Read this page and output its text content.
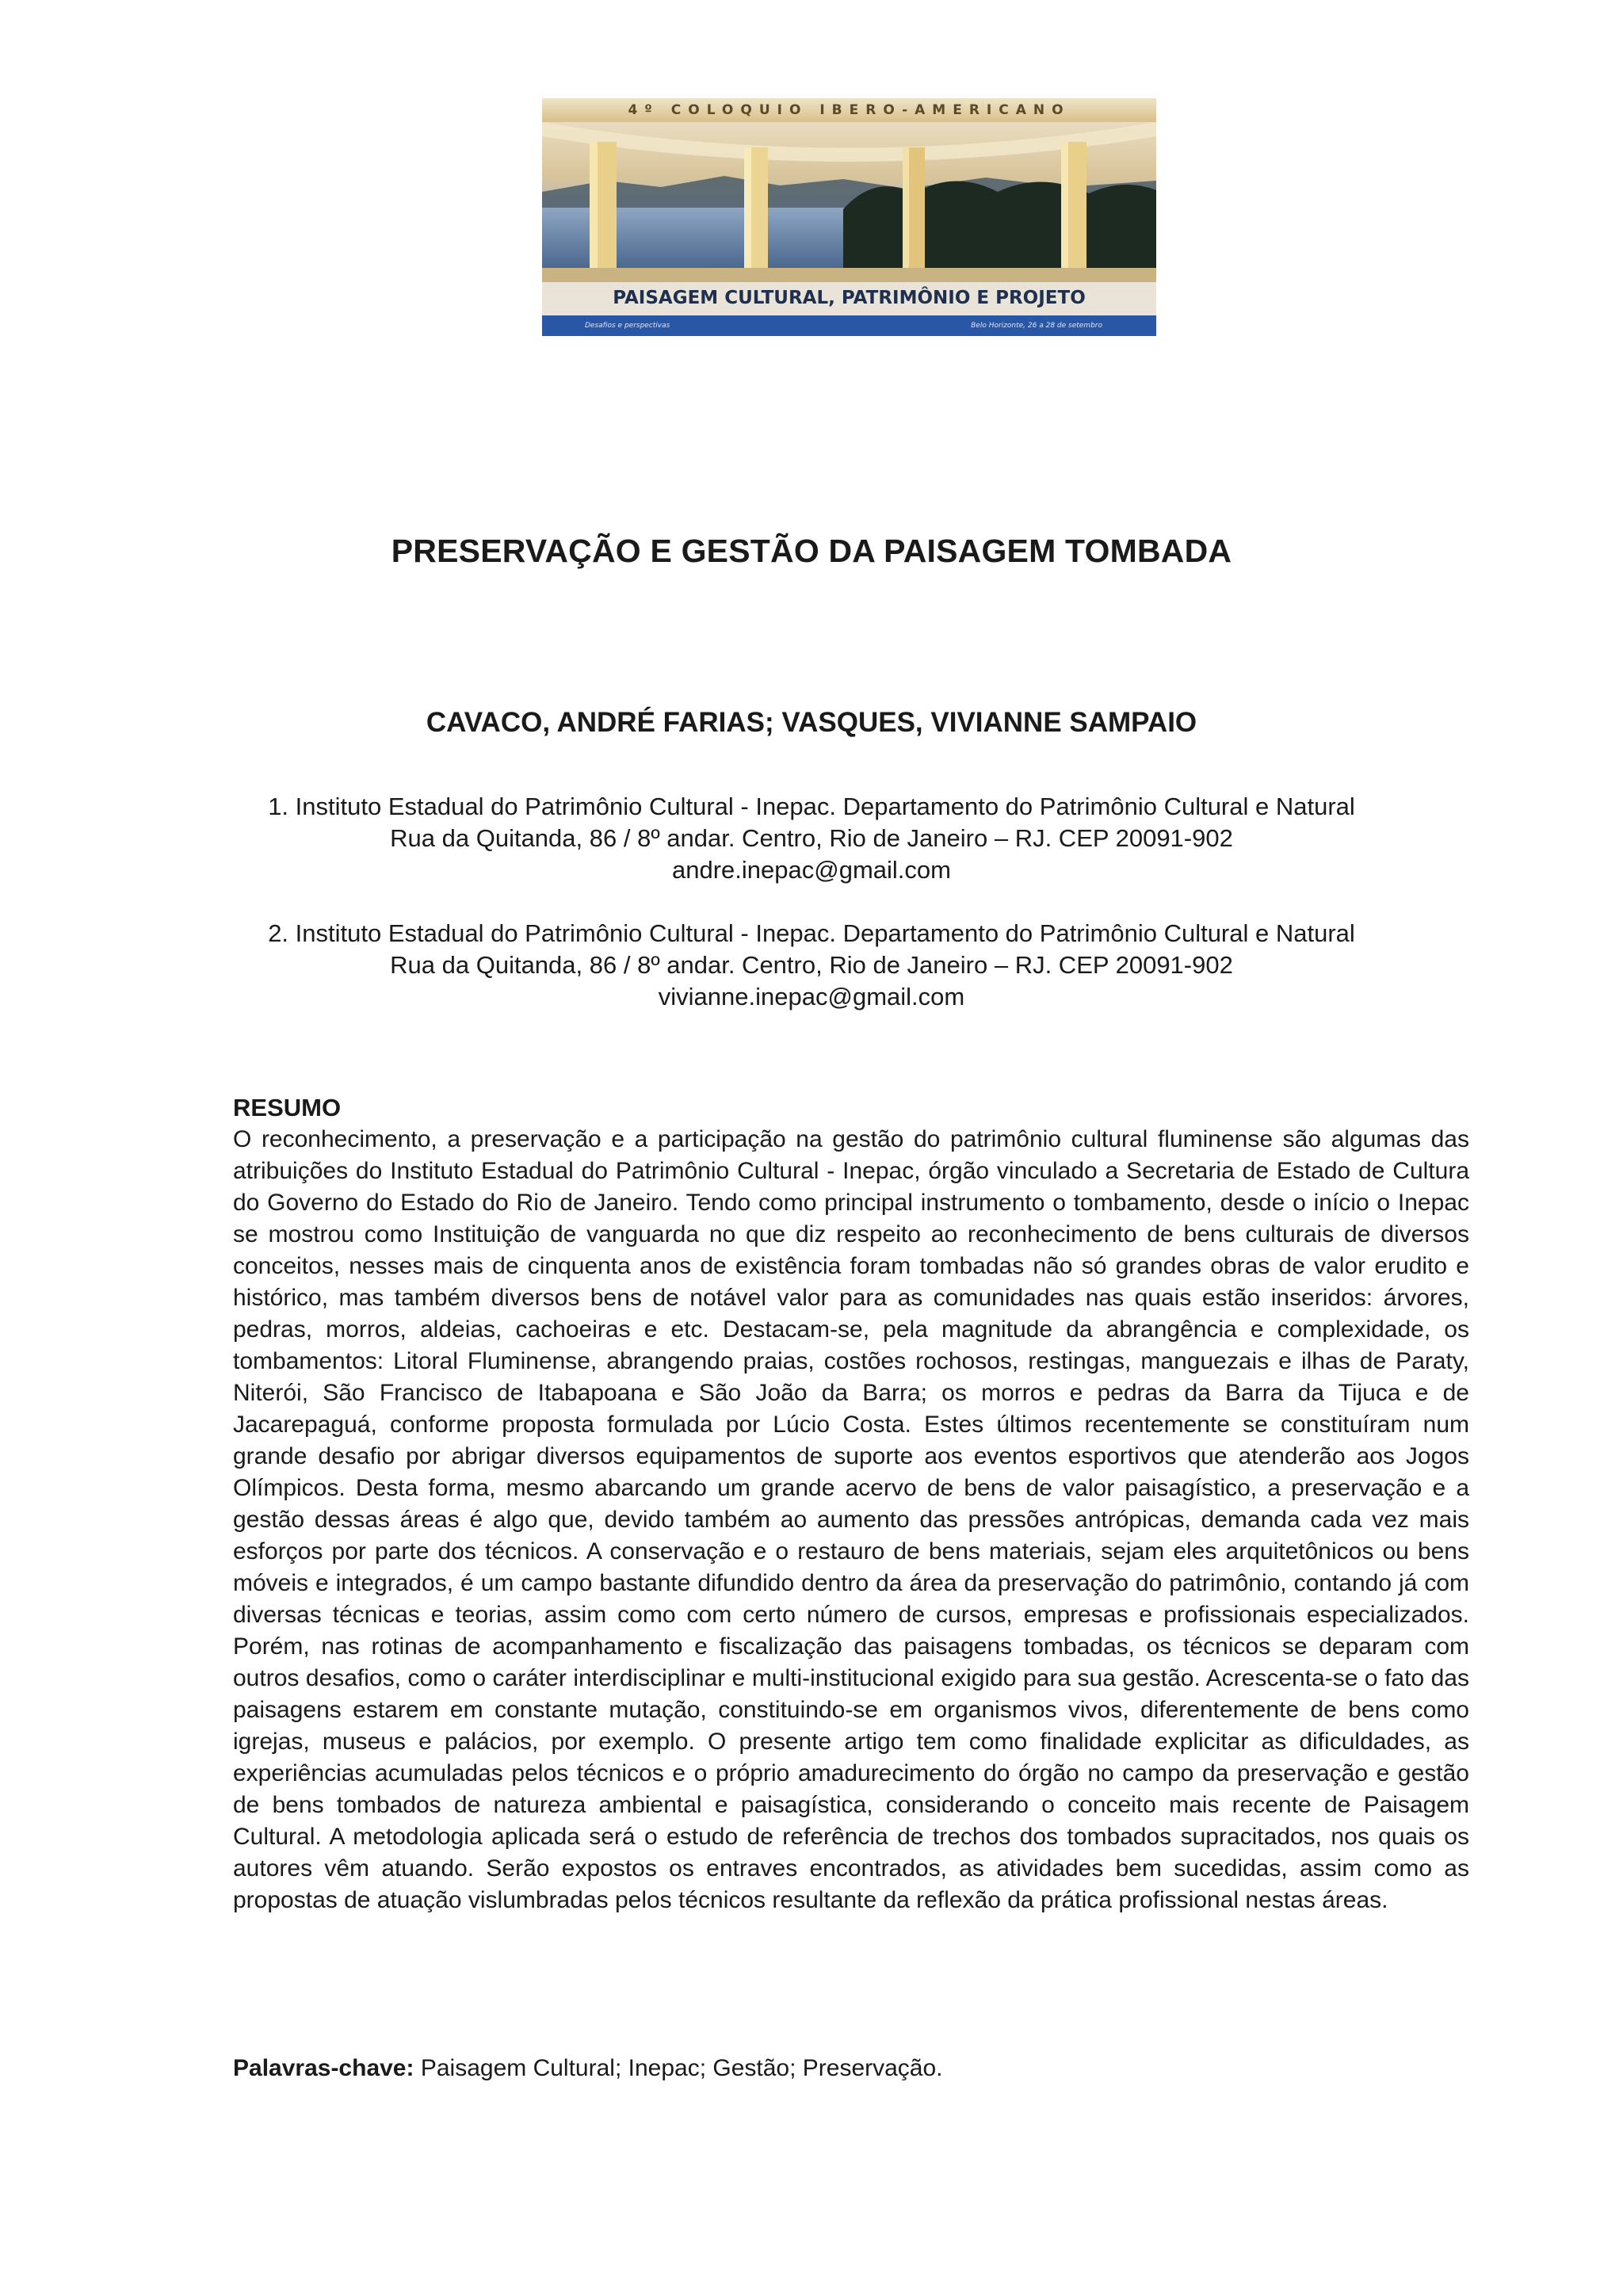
4º COLOQUIO IBERO-AMERICANO
PAISAGEM CULTURAL, PATRIMÔNIO E PROJETO
Desafios e perspectivas	Belo Horizonte, 26 a 28 de setembro
PRESERVAÇÃO E GESTÃO DA PAISAGEM TOMBADA
CAVACO, ANDRÉ FARIAS; VASQUES, VIVIANNE SAMPAIO
1. Instituto Estadual do Patrimônio Cultural - Inepac. Departamento do Patrimônio Cultural e Natural
Rua da Quitanda, 86 / 8º andar. Centro, Rio de Janeiro – RJ. CEP 20091-902
andre.inepac@gmail.com
2. Instituto Estadual do Patrimônio Cultural - Inepac. Departamento do Patrimônio Cultural e Natural
Rua da Quitanda, 86 / 8º andar. Centro, Rio de Janeiro – RJ. CEP 20091-902
vivianne.inepac@gmail.com
RESUMO
O reconhecimento, a preservação e a participação na gestão do patrimônio cultural fluminense são algumas das atribuições do Instituto Estadual do Patrimônio Cultural - Inepac, órgão vinculado a Secretaria de Estado de Cultura do Governo do Estado do Rio de Janeiro. Tendo como principal instrumento o tombamento, desde o início o Inepac se mostrou como Instituição de vanguarda no que diz respeito ao reconhecimento de bens culturais de diversos conceitos, nesses mais de cinquenta anos de existência foram tombadas não só grandes obras de valor erudito e histórico, mas também diversos bens de notável valor para as comunidades nas quais estão inseridos: árvores, pedras, morros, aldeias, cachoeiras e etc. Destacam-se, pela magnitude da abrangência e complexidade, os tombamentos: Litoral Fluminense, abrangendo praias, costões rochosos, restingas, manguezais e ilhas de Paraty, Niterói, São Francisco de Itabapoana e São João da Barra; os morros e pedras da Barra da Tijuca e de Jacarepaguá, conforme proposta formulada por Lúcio Costa. Estes últimos recentemente se constituíram num grande desafio por abrigar diversos equipamentos de suporte aos eventos esportivos que atenderão aos Jogos Olímpicos. Desta forma, mesmo abarcando um grande acervo de bens de valor paisagístico, a preservação e a gestão dessas áreas é algo que, devido também ao aumento das pressões antrópicas, demanda cada vez mais esforços por parte dos técnicos. A conservação e o restauro de bens materiais, sejam eles arquitetônicos ou bens móveis e integrados, é um campo bastante difundido dentro da área da preservação do patrimônio, contando já com diversas técnicas e teorias, assim como com certo número de cursos, empresas e profissionais especializados. Porém, nas rotinas de acompanhamento e fiscalização das paisagens tombadas, os técnicos se deparam com outros desafios, como o caráter interdisciplinar e multi-institucional exigido para sua gestão. Acrescenta-se o fato das paisagens estarem em constante mutação, constituindo-se em organismos vivos, diferentemente de bens como igrejas, museus e palácios, por exemplo. O presente artigo tem como finalidade explicitar as dificuldades, as experiências acumuladas pelos técnicos e o próprio amadurecimento do órgão no campo da preservação e gestão de bens tombados de natureza ambiental e paisagística, considerando o conceito mais recente de Paisagem Cultural. A metodologia aplicada será o estudo de referência de trechos dos tombados supracitados, nos quais os autores vêm atuando. Serão expostos os entraves encontrados, as atividades bem sucedidas, assim como as propostas de atuação vislumbradas pelos técnicos resultante da reflexão da prática profissional nestas áreas.
Palavras-chave: Paisagem Cultural; Inepac; Gestão; Preservação.
